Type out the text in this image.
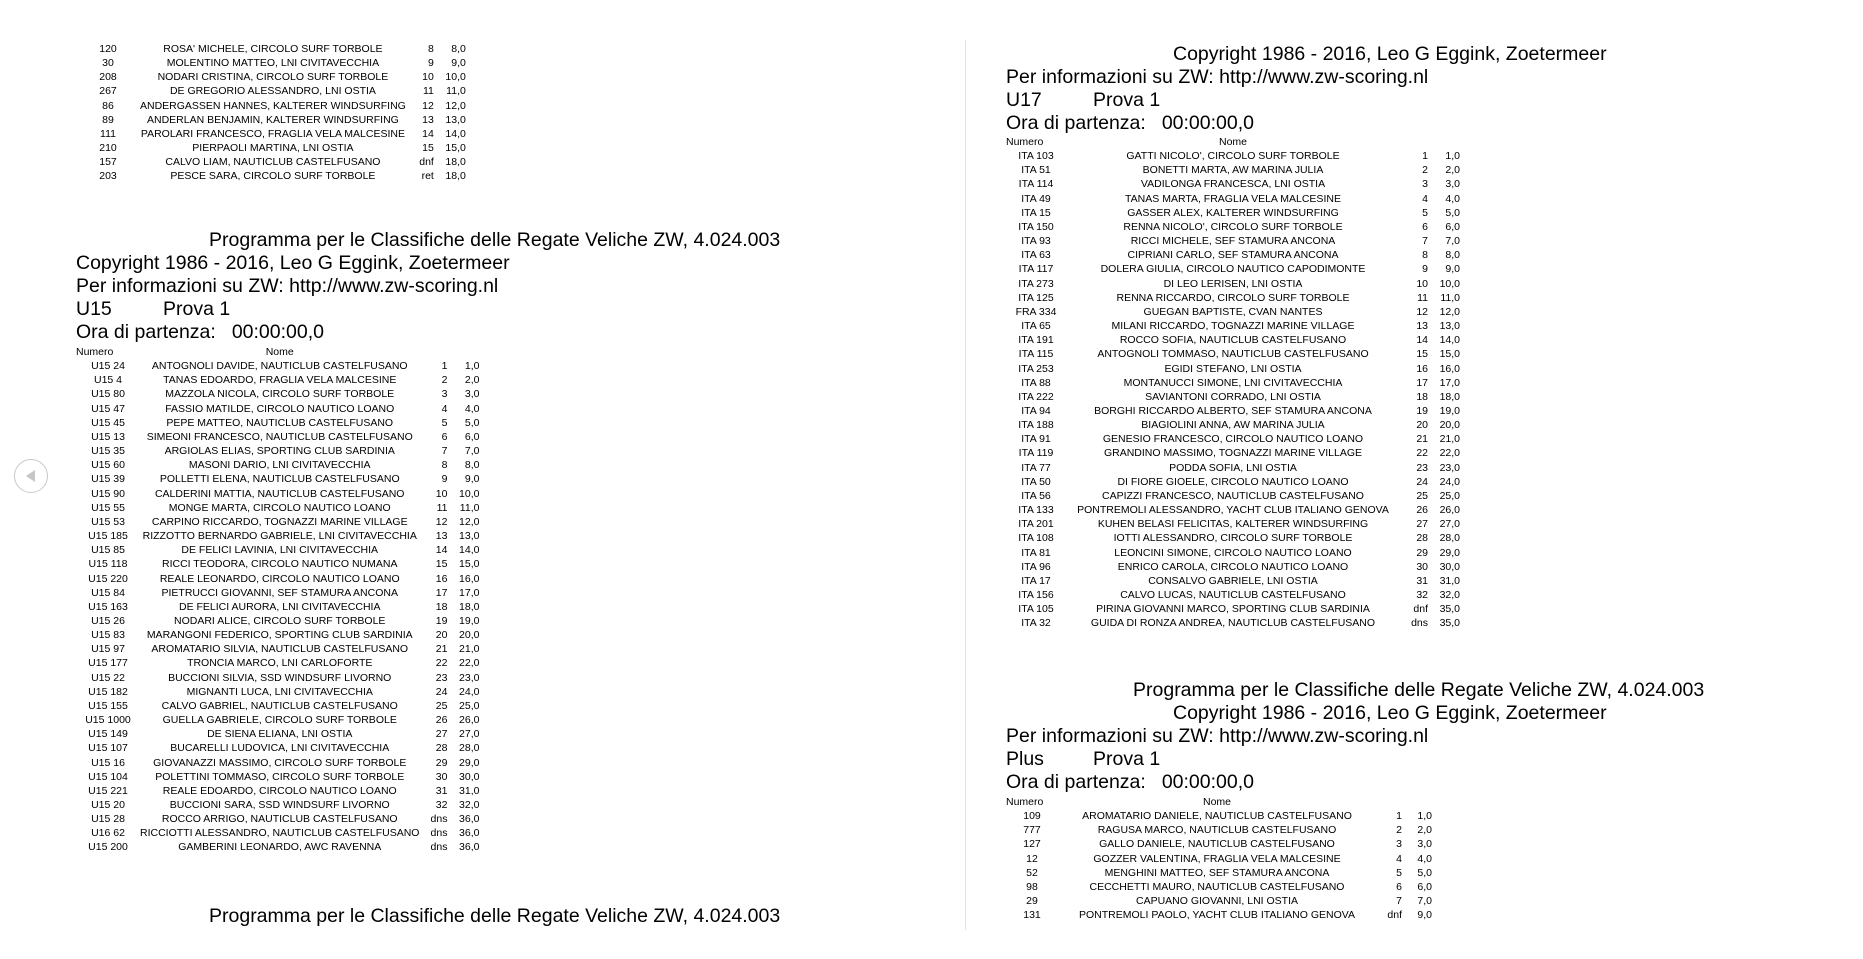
120	ROSA' MICHELE, CIRCOLO SURF TORBOLE	8	8,0
30	MOLENTINO MATTEO, LNI CIVITAVECCHIA	9	9,0
208	NODARI CRISTINA, CIRCOLO SURF TORBOLE	10	10,0
267	DE GREGORIO ALESSANDRO, LNI OSTIA	11	11,0
86	ANDERGASSEN HANNES, KALTERER WINDSURFING	12	12,0
89	ANDERLAN BENJAMIN, KALTERER WINDSURFING	13	13,0
111	PAROLARI FRANCESCO, FRAGLIA VELA MALCESINE	14	14,0
210	PIERPAOLI MARTINA, LNI OSTIA	15	15,0
157	CALVO LIAM, NAUTICLUB CASTELFUSANO	dnf	18,0
203	PESCE SARA, CIRCOLO SURF TORBOLE	ret	18,0
Programma per le Classifiche delle Regate Veliche ZW, 4.024.003
Copyright 1986 - 2016, Leo G Eggink, Zoetermeer
Per informazioni su ZW: http://www.zw-scoring.nl
U15	Prova 1
Ora di partenza: 00:00:00,0
Numero	Nome		
U15 24	ANTOGNOLI DAVIDE, NAUTICLUB CASTELFUSANO	1	1,0
U15 4	TANAS EDOARDO, FRAGLIA VELA MALCESINE	2	2,0
U15 80	MAZZOLA NICOLA, CIRCOLO SURF TORBOLE	3	3,0
U15 47	FASSIO MATILDE, CIRCOLO NAUTICO LOANO	4	4,0
U15 45	PEPE MATTEO, NAUTICLUB CASTELFUSANO	5	5,0
U15 13	SIMEONI FRANCESCO, NAUTICLUB CASTELFUSANO	6	6,0
U15 35	ARGIOLAS ELIAS, SPORTING CLUB SARDINIA	7	7,0
U15 60	MASONI DARIO, LNI CIVITAVECCHIA	8	8,0
U15 39	POLLETTI ELENA, NAUTICLUB CASTELFUSANO	9	9,0
U15 90	CALDERINI MATTIA, NAUTICLUB CASTELFUSANO	10	10,0
U15 55	MONGE MARTA, CIRCOLO NAUTICO LOANO	11	11,0
U15 53	CARPINO RICCARDO, TOGNAZZI MARINE VILLAGE	12	12,0
U15 185	RIZZOTTO BERNARDO GABRIELE, LNI CIVITAVECCHIA	13	13,0
U15 85	DE FELICI LAVINIA, LNI CIVITAVECCHIA	14	14,0
U15 118	RICCI TEODORA, CIRCOLO NAUTICO NUMANA	15	15,0
U15 220	REALE LEONARDO, CIRCOLO NAUTICO LOANO	16	16,0
U15 84	PIETRUCCI GIOVANNI, SEF STAMURA ANCONA	17	17,0
U15 163	DE FELICI AURORA, LNI CIVITAVECCHIA	18	18,0
U15 26	NODARI ALICE, CIRCOLO SURF TORBOLE	19	19,0
U15 83	MARANGONI FEDERICO, SPORTING CLUB SARDINIA	20	20,0
U15 97	AROMATARIO SILVIA, NAUTICLUB CASTELFUSANO	21	21,0
U15 177	TRONCIA MARCO, LNI CARLOFORTE	22	22,0
U15 22	BUCCIONI SILVIA, SSD WINDSURF LIVORNO	23	23,0
U15 182	MIGNANTI LUCA, LNI CIVITAVECCHIA	24	24,0
U15 155	CALVO GABRIEL, NAUTICLUB CASTELFUSANO	25	25,0
U15 1000	GUELLA GABRIELE, CIRCOLO SURF TORBOLE	26	26,0
U15 149	DE SIENA ELIANA, LNI OSTIA	27	27,0
U15 107	BUCARELLI LUDOVICA, LNI CIVITAVECCHIA	28	28,0
U15 16	GIOVANAZZI MASSIMO, CIRCOLO SURF TORBOLE	29	29,0
U15 104	POLETTINI TOMMASO, CIRCOLO SURF TORBOLE	30	30,0
U15 221	REALE EDOARDO, CIRCOLO NAUTICO LOANO	31	31,0
U15 20	BUCCIONI SARA, SSD WINDSURF LIVORNO	32	32,0
U15 28	ROCCO ARRIGO, NAUTICLUB CASTELFUSANO	dns	36,0
U16 62	RICCIOTTI ALESSANDRO, NAUTICLUB CASTELFUSANO	dns	36,0
U15 200	GAMBERINI LEONARDO, AWC RAVENNA	dns	36,0
Programma per le Classifiche delle Regate Veliche ZW, 4.024.003
Copyright 1986 - 2016, Leo G Eggink, Zoetermeer
Per informazioni su ZW: http://www.zw-scoring.nl
U17	Prova 1
Ora di partenza: 00:00:00,0
Numero	Nome		
ITA 103	GATTI NICOLO', CIRCOLO SURF TORBOLE	1	1,0
ITA 51	BONETTI MARTA, AW MARINA JULIA	2	2,0
ITA 114	VADILONGA FRANCESCA, LNI OSTIA	3	3,0
ITA 49	TANAS MARTA, FRAGLIA VELA MALCESINE	4	4,0
ITA 15	GASSER ALEX, KALTERER WINDSURFING	5	5,0
ITA 150	RENNA NICOLO', CIRCOLO SURF TORBOLE	6	6,0
ITA 93	RICCI MICHELE, SEF STAMURA ANCONA	7	7,0
ITA 63	CIPRIANI CARLO, SEF STAMURA ANCONA	8	8,0
ITA 117	DOLERA GIULIA, CIRCOLO NAUTICO CAPODIMONTE	9	9,0
ITA 273	DI LEO LERISEN, LNI OSTIA	10	10,0
ITA 125	RENNA RICCARDO, CIRCOLO SURF TORBOLE	11	11,0
FRA 334	GUEGAN BAPTISTE, CVAN NANTES	12	12,0
ITA 65	MILANI RICCARDO, TOGNAZZI MARINE VILLAGE	13	13,0
ITA 191	ROCCO SOFIA, NAUTICLUB CASTELFUSANO	14	14,0
ITA 115	ANTOGNOLI TOMMASO, NAUTICLUB CASTELFUSANO	15	15,0
ITA 253	EGIDI STEFANO, LNI OSTIA	16	16,0
ITA 88	MONTANUCCI SIMONE, LNI CIVITAVECCHIA	17	17,0
ITA 222	SAVIANTONI CORRADO, LNI OSTIA	18	18,0
ITA 94	BORGHI RICCARDO ALBERTO, SEF STAMURA ANCONA	19	19,0
ITA 188	BIAGIOLINI ANNA, AW MARINA JULIA	20	20,0
ITA 91	GENESIO FRANCESCO, CIRCOLO NAUTICO LOANO	21	21,0
ITA 119	GRANDINO MASSIMO, TOGNAZZI MARINE VILLAGE	22	22,0
ITA 77	PODDA SOFIA, LNI OSTIA	23	23,0
ITA 50	DI FIORE GIOELE, CIRCOLO NAUTICO LOANO	24	24,0
ITA 56	CAPIZZI FRANCESCO, NAUTICLUB CASTELFUSANO	25	25,0
ITA 133	PONTREMOLI ALESSANDRO, YACHT CLUB ITALIANO GENOVA	26	26,0
ITA 201	KUHEN BELASI FELICITAS, KALTERER WINDSURFING	27	27,0
ITA 108	IOTTI ALESSANDRO, CIRCOLO SURF TORBOLE	28	28,0
ITA 81	LEONCINI SIMONE, CIRCOLO NAUTICO LOANO	29	29,0
ITA 96	ENRICO CAROLA, CIRCOLO NAUTICO LOANO	30	30,0
ITA 17	CONSALVO GABRIELE, LNI OSTIA	31	31,0
ITA 156	CALVO LUCAS, NAUTICLUB CASTELFUSANO	32	32,0
ITA 105	PIRINA GIOVANNI MARCO, SPORTING CLUB SARDINIA	dnf	35,0
ITA 32	GUIDA DI RONZA ANDREA, NAUTICLUB CASTELFUSANO	dns	35,0
Programma per le Classifiche delle Regate Veliche ZW, 4.024.003
Copyright 1986 - 2016, Leo G Eggink, Zoetermeer
Per informazioni su ZW: http://www.zw-scoring.nl
Plus	Prova 1
Ora di partenza: 00:00:00,0
Numero	Nome		
109	AROMATARIO DANIELE, NAUTICLUB CASTELFUSANO	1	1,0
777	RAGUSA MARCO, NAUTICLUB CASTELFUSANO	2	2,0
127	GALLO DANIELE, NAUTICLUB CASTELFUSANO	3	3,0
12	GOZZER VALENTINA, FRAGLIA VELA MALCESINE	4	4,0
52	MENGHINI MATTEO, SEF STAMURA ANCONA	5	5,0
98	CECCHETTI MAURO, NAUTICLUB CASTELFUSANO	6	6,0
29	CAPUANO GIOVANNI, LNI OSTIA	7	7,0
131	PONTREMOLI PAOLO, YACHT CLUB ITALIANO GENOVA	dnf	9,0
